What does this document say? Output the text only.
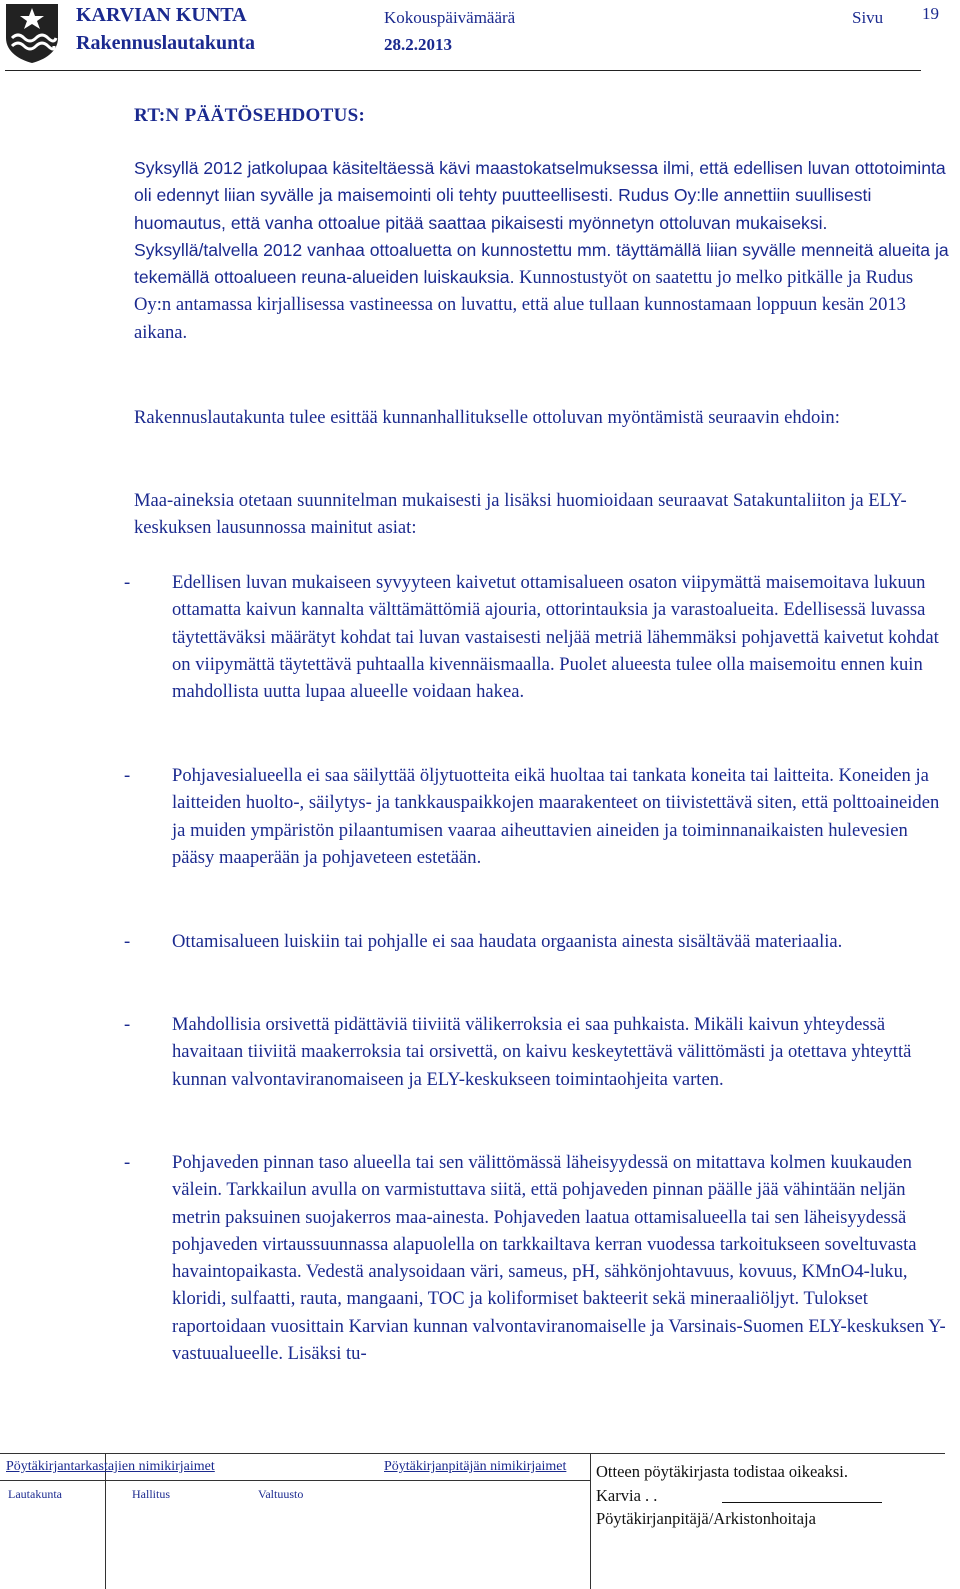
KARVIAN KUNTA
Rakennuslautakunta
Kokouspäivämäärä
28.2.2013
Sivu 19
RT:N PÄÄTÖSEHDOTUS:
Syksyllä 2012 jatkolupaa käsiteltäessä kävi maastokatselmuksessa ilmi, että edellisen luvan ottotoiminta oli edennyt liian syvälle ja maisemointi oli tehty puutteellisesti. Rudus Oy:lle annettiin suullisesti huomautus, että vanha ottoalue pitää saattaa pikaisesti myönnetyn ottoluvan mukaiseksi. Syksyllä/talvella 2012 vanhaa ottoaluetta on kunnostettu mm. täyttämällä liian syvälle menneitä alueita ja tekemällä ottoalueen reuna-alueiden luiskauksia. Kunnostustyöt on saatettu jo melko pitkälle ja Rudus Oy:n antamassa kirjallisessa vastineessa on luvattu, että alue tullaan kunnostamaan loppuun kesän 2013 aikana.
Rakennuslautakunta tulee esittää kunnanhallitukselle ottoluvan myöntämistä seuraavin ehdoin:
Maa-aineksia otetaan suunnitelman mukaisesti ja lisäksi huomioidaan seuraavat Satakuntaliiton ja ELY- keskuksen lausunnossa mainitut asiat:
- Edellisen luvan mukaiseen syvyyteen kaivetut ottamisalueen osaton viipymättä maisemoitava lukuun ottamatta kaivun kannalta välttämättömiä ajouria, ottorintauksia ja varastoalueita. Edellisessä luvassa täytettäväksi määrätyt kohdat tai luvan vastaisesti neljää metriä lähemmäksi pohjavettä kaivetut kohdat on viipymättä täytettävä puhtaalla kivennäismaalla. Puolet alueesta tulee olla maisemoitu ennen kuin mahdollista uutta lupaa alueelle voidaan hakea.
- Pohjavesialueella ei saa säilyttää öljytuotteita eikä huoltaa tai tankata koneita tai laitteita. Koneiden ja laitteiden huolto-, säilytys- ja tankkauspaikkojen maarakenteet on tiivistettävä siten, että polttoaineiden ja muiden ympäristön pilaantumisen vaaraa aiheuttavien aineiden ja toiminnanaikaisten hulevesien pääsy maaperään ja pohjaveteen estetään.
- Ottamisalueen luiskiin tai pohjalle ei saa haudata orgaanista ainesta sisältävää materiaalia.
- Mahdollisia orsivettä pidättäviä tiiviitä välikerroksia ei saa puhkaista. Mikäli kaivun yhteydessä havaitaan tiiviitä maakerroksia tai orsivettä, on kaivu keskeytettävä välittömästi ja otettava yhteyttä kunnan valvontaviranomaiseen ja ELY-keskukseen toimintaohjeita varten.
- Pohjaveden pinnan taso alueella tai sen välittömässä läheisyydessä on mitattava kolmen kuukauden välein. Tarkkailun avulla on varmistuttava siitä, että pohjaveden pinnan päälle jää vähintään neljän metrin paksuinen suojakerros maa-ainesta. Pohjaveden laatua ottamisalueella tai sen läheisyydessä pohjaveden virtaussuunnassa alapuolella on tarkkailtava kerran vuodessa tarkoitukseen soveltuvasta havaintopaikasta. Vedestä analysoidaan väri, sameus, pH, sähkönjohtavuus, kovuus, KMnO4-luku, kloridi, sulfaatti, rauta, mangaani, TOC ja koliformiset bakteerit sekä mineraaliöljyt. Tulokset raportoidaan vuosittain Karvian kunnan valvontaviranomaiselle ja Varsinais-Suomen ELY-keskuksen Y-vastuualueelle. Lisäksi tu-
Pöytäkirjantarkastajien nimikirjaimet	Pöytäkirjanpitäjän nimikirjaimet
Lautakunta	Hallitus	Valtuusto
Otteen pöytäkirjasta todistaa oikeaksi.
Karvia . .
Pöytäkirjanpitäjä/Arkistonhoitaja
